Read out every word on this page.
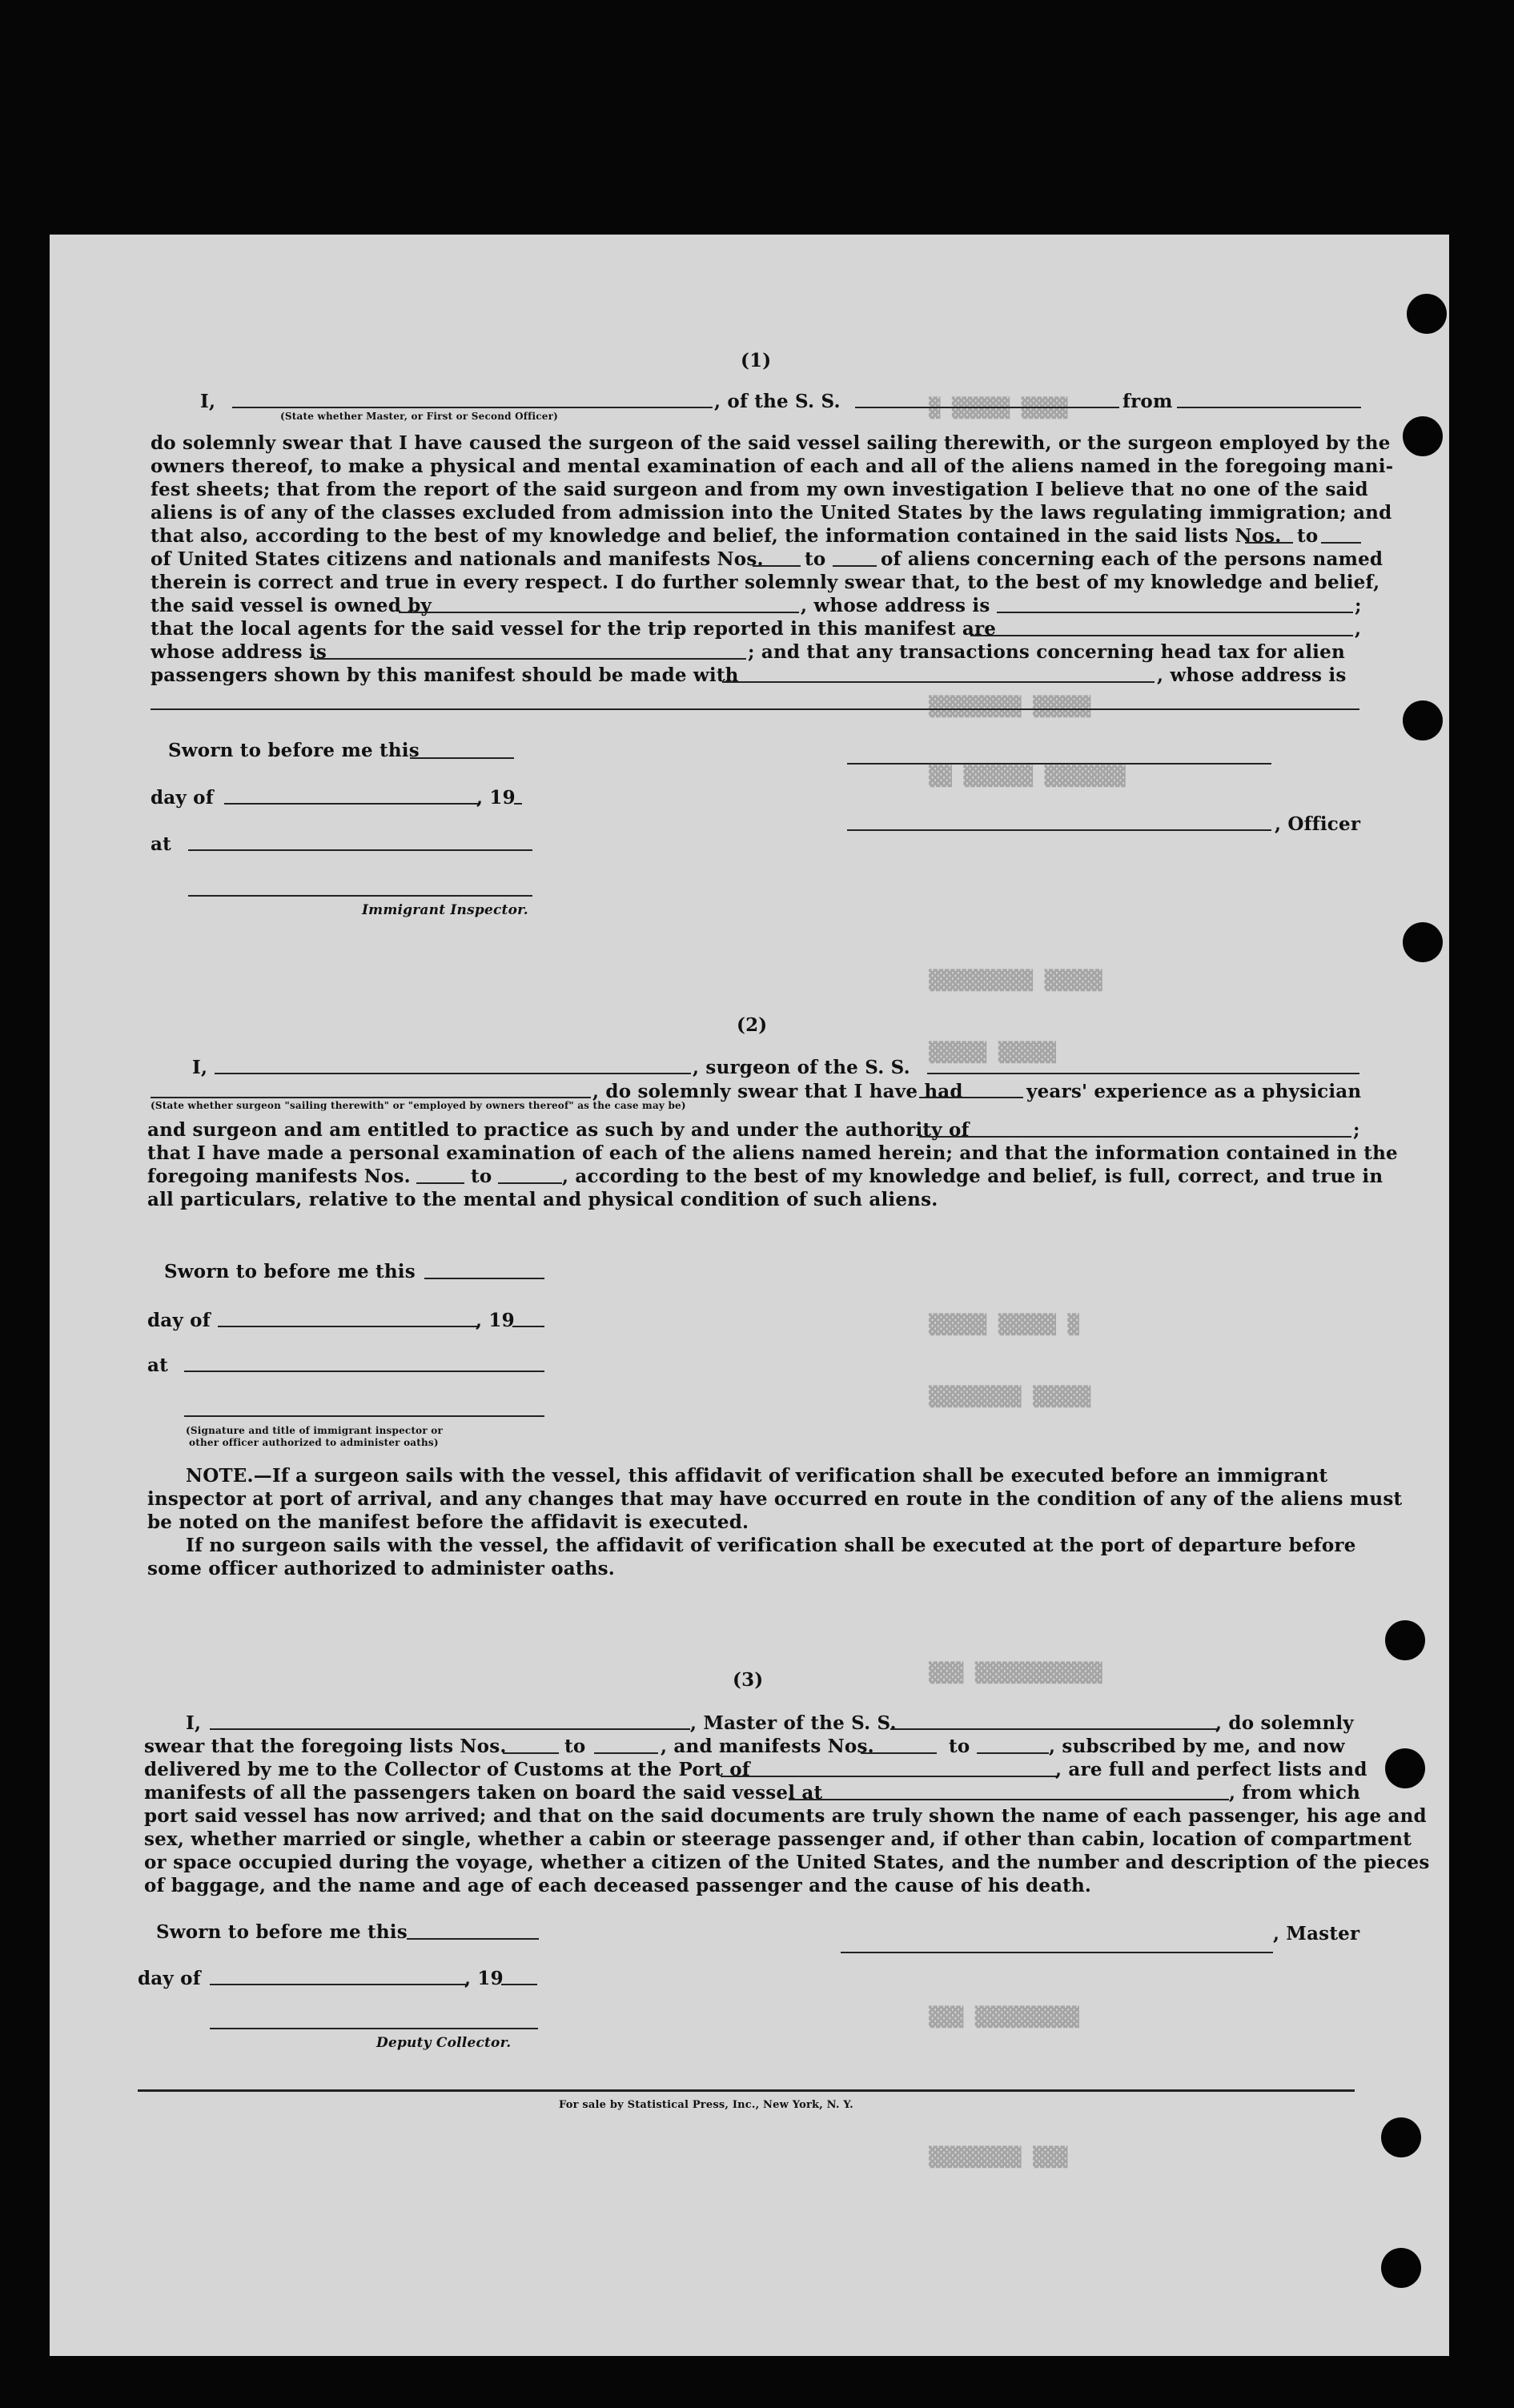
▓ ▓▓▓▓▓ ▓▓▓▓
▓▓▓▓▓▓▓▓ ▓▓▓▓▓
▓▓ ▓▓▓▓▓▓ ▓▓▓▓▓▓▓
▓▓▓▓▓▓▓▓▓ ▓▓▓▓▓
▓▓▓▓▓ ▓▓▓▓▓
▓▓▓▓▓ ▓▓▓▓▓ ▓
▓▓▓▓▓▓▓▓ ▓▓▓▓▓
▓▓▓ ▓▓▓▓▓▓▓▓▓▓▓
▓▓▓ ▓▓▓▓▓▓▓▓▓
▓▓▓▓▓▓▓▓ ▓▓▓
(1)
I,	, of the S. S.	from
(State whether Master, or First or Second Officer)
do solemnly swear that I have caused the surgeon of the said vessel sailing therewith, or the surgeon employed by the
owners thereof, to make a physical and mental examination of each and all of the aliens named in the foregoing mani-
fest sheets; that from the report of the said surgeon and from my own investigation I believe that no one of the said
aliens is of any of the classes excluded from admission into the United States by the laws regulating immigration; and
that also, according to the best of my knowledge and belief, the information contained in the said lists Nos. to
of United States citizens and nationals and manifests Nos. to	of aliens concerning each of the persons named
therein is correct and true in every respect. I do further solemnly swear that, to the best of my knowledge and belief,
the said vessel is owned by	, whose address is	;
that the local agents for the said vessel for the trip reported in this manifest are	,
whose address is	; and that any transactions concerning head tax for alien
passengers shown by this manifest should be made with	, whose address is
Sworn to before me this
day of	, 19
at
Immigrant Inspector.
, Officer
(2)
I,	, surgeon of the S. S.
, do solemnly swear that I have had	years' experience as a physician
(State whether surgeon "sailing therewith" or "employed by owners thereof" as the case may be)
and surgeon and am entitled to practice as such by and under the authority of	;
that I have made a personal examination of each of the aliens named herein; and that the information contained in the
foregoing manifests Nos.	to	, according to the best of my knowledge and belief, is full, correct, and true in
all particulars, relative to the mental and physical condition of such aliens.
Sworn to before me this
day of	, 19
at
(Signature and title of immigrant inspector or
other officer authorized to administer oaths)
NOTE.—If a surgeon sails with the vessel, this affidavit of verification shall be executed before an immigrant
inspector at port of arrival, and any changes that may have occurred en route in the condition of any of the aliens must
be noted on the manifest before the affidavit is executed.
If no surgeon sails with the vessel, the affidavit of verification shall be executed at the port of departure before
some officer authorized to administer oaths.
(3)
I,	, Master of the S. S.	, do solemnly
swear that the foregoing lists Nos.	to	, and manifests Nos.	to	, subscribed by me, and now
delivered by me to the Collector of Customs at the Port of	, are full and perfect lists and
manifests of all the passengers taken on board the said vessel at	, from which
port said vessel has now arrived; and that on the said documents are truly shown the name of each passenger, his age and
sex, whether married or single, whether a cabin or steerage passenger and, if other than cabin, location of compartment
or space occupied during the voyage, whether a citizen of the United States, and the number and description of the pieces
of baggage, and the name and age of each deceased passenger and the cause of his death.
Sworn to before me this
day of	, 19
Deputy Collector.
, Master
For sale by Statistical Press, Inc., New York, N. Y.
